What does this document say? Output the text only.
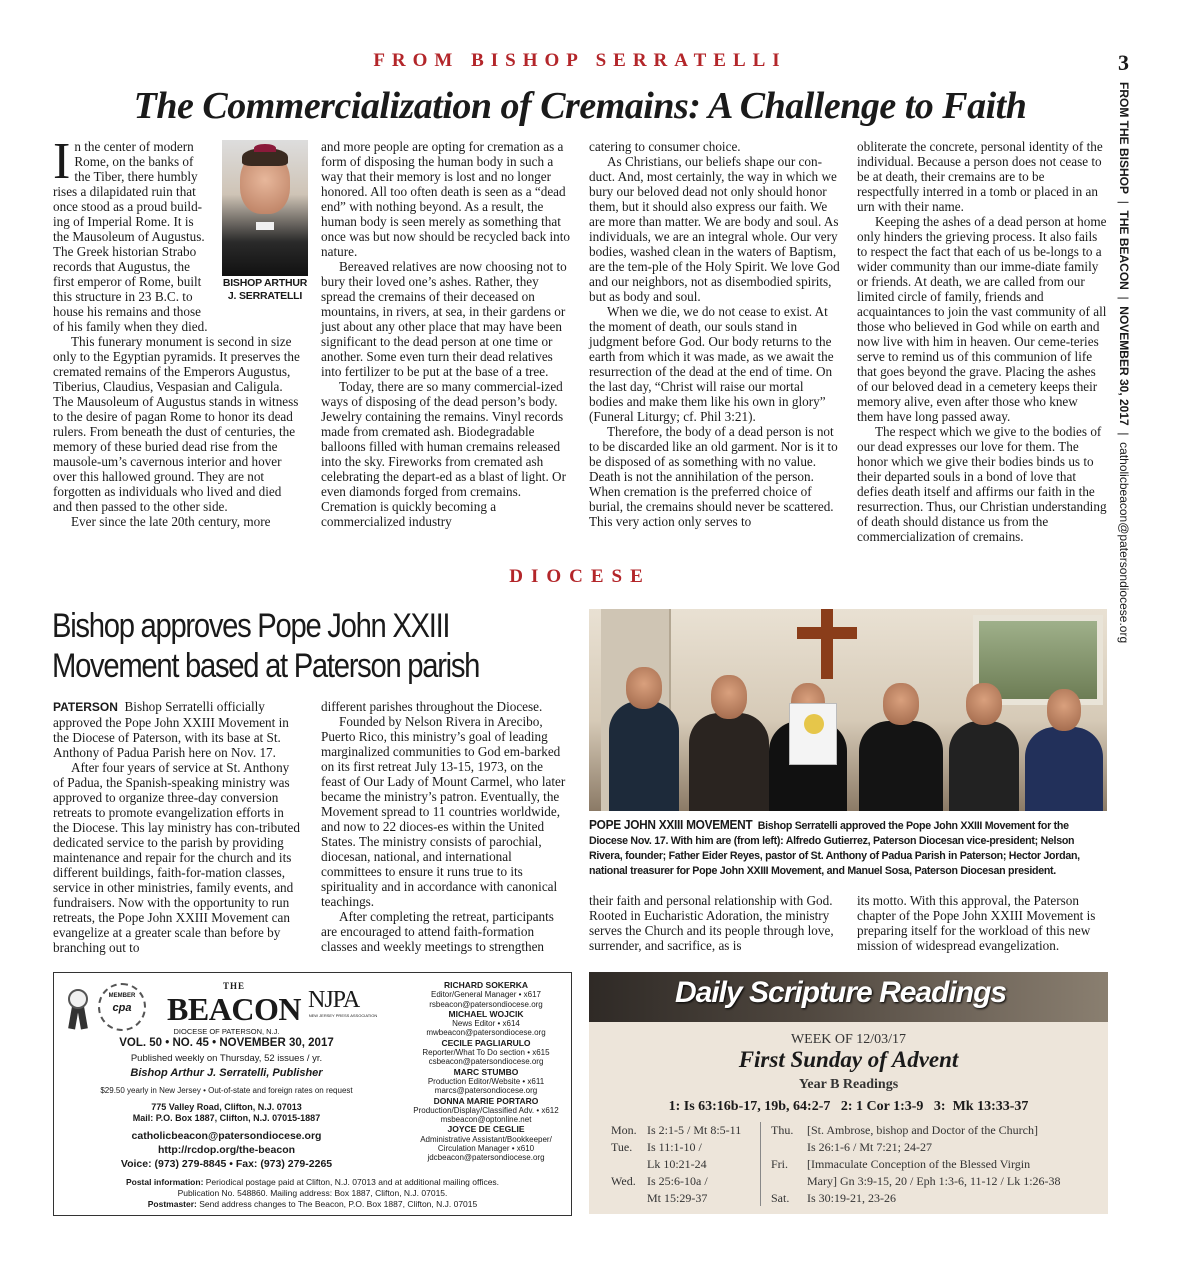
FROM BISHOP SERRATELLI	3
FROM THE BISHOP  |  THE BEACON  |  NOVEMBER 30, 2017  |  catholicbeacon@patersondiocese.org
The Commercialization of Cremains: A Challenge to Faith

In the center of modern
Rome, on the banks of
the Tiber, there humbly
rises a dilapidated ruin that
once stood as a proud build-
ing of Imperial Rome. It is
the Mausoleum of Augustus.
The Greek historian Strabo
records that Augustus, the
first emperor of Rome, built
this structure in 23 B.C. to
house his remains and those
of his family when they died.

This funerary monument is second in size only to the Egyptian pyramids. It preserves the cremated remains of the Emperors Augustus, Tiberius, Claudius, Vespasian and Caligula. The Mausoleum of Augustus stands in witness to the desire of pagan Rome to honor its dead rulers. From beneath the dust of centuries, the memory of these buried dead rise from the mausole-um’s cavernous interior and hover over this hallowed ground. They are not forgotten as individuals who lived and died and then passed to the other side.

Ever since the late 20th century, more

BISHOP ARTHUR
J. SERRATELLI

and more people are opting for cremation as a form of disposing the human body in such a way that their memory is lost and no longer honored. All too often death is seen as a “dead end” with nothing beyond. As a result, the human body is seen merely as something that once was but now should be recycled back into nature.

Bereaved relatives are now choosing not to bury their loved one’s ashes. Rather, they spread the cremains of their deceased on mountains, in rivers, at sea, in their gardens or just about any other place that may have been significant to the dead person at one time or another. Some even turn their dead relatives into fertilizer to be put at the base of a tree.

Today, there are so many commercial-ized ways of disposing of the dead person’s body. Jewelry containing the remains. Vinyl records made from cremated ash. Biodegradable balloons filled with human cremains released into the sky. Fireworks from cremated ash celebrating the depart-ed as a blast of light. Or even diamonds forged from cremains. Cremation is quickly becoming a commercialized industry

catering to consumer choice.

As Christians, our beliefs shape our con-duct. And, most certainly, the way in which we bury our beloved dead not only should honor them, but it should also express our faith. We are more than matter. We are body and soul. As individuals, we are an integral whole. Our very bodies, washed clean in the waters of Baptism, are the tem-ple of the Holy Spirit. We love God and our neighbors, not as disembodied spirits, but as body and soul.

When we die, we do not cease to exist. At the moment of death, our souls stand in judgment before God. Our body returns to the earth from which it was made, as we await the resurrection of the dead at the end of time. On the last day, “Christ will raise our mortal bodies and make them like his own in glory” (Funeral Liturgy; cf. Phil 3:21).

Therefore, the body of a dead person is not to be discarded like an old garment. Nor is it to be disposed of as something with no value. Death is not the annihilation of the person. When cremation is the preferred choice of burial, the cremains should never be scattered. This very action only serves to

obliterate the concrete, personal identity of the individual. Because a person does not cease to be at death, their cremains are to be respectfully interred in a tomb or placed in an urn with their name.

Keeping the ashes of a dead person at home only hinders the grieving process. It also fails to respect the fact that each of us be-longs to a wider community than our imme-diate family or friends. At death, we are called from our limited circle of family, friends and acquaintances to join the vast community of all those who believed in God while on earth and now live with him in heaven. Our ceme-teries serve to remind us of this communion of life that goes beyond the grave. Placing the ashes of our beloved dead in a cemetery keeps their memory alive, even after those who knew them have long passed away.

The respect which we give to the bodies of our dead expresses our love for them. The honor which we give their bodies binds us to their departed souls in a bond of love that defies death itself and affirms our faith in the resurrection. Thus, our Christian understanding of death should distance us from the commercialization of cremains.

DIOCESE
Bishop approves Pope John XXIII
Movement based at Paterson parish

PATERSON Bishop Serratelli officially approved the Pope John XXIII Movement in the Diocese of Paterson, with its base at St. Anthony of Padua Parish here on Nov. 17.

After four years of service at St. Anthony of Padua, the Spanish-speaking ministry was approved to organize three-day conversion retreats to promote evangelization efforts in the Diocese. This lay ministry has con-tributed dedicated service to the parish by providing maintenance and repair for the church and its different buildings, faith-for-mation classes, service in other ministries, family events, and fundraisers. Now with the opportunity to run retreats, the Pope John XXIII Movement can evangelize at a greater scale than before by branching out to

different parishes throughout the Diocese.

Founded by Nelson Rivera in Arecibo, Puerto Rico, this ministry’s goal of leading marginalized communities to God em-barked on its first retreat July 13-15, 1973, on the feast of Our Lady of Mount Carmel, who later became the ministry’s patron. Eventually, the Movement spread to 11 countries worldwide, and now to 22 dioces-es within the United States. The ministry consists of parochial, diocesan, national, and international committees to ensure it runs true to its spirituality and in accordance with canonical teachings.

After completing the retreat, participants are encouraged to attend faith-formation classes and weekly meetings to strengthen

POPE JOHN XXIII MOVEMENT Bishop Serratelli approved the Pope John XXIII Movement for the Diocese Nov. 17. With him are (from left): Alfredo Gutierrez, Paterson Diocesan vice-president; Nelson Rivera, founder; Father Eider Reyes, pastor of St. Anthony of Padua Parish in Paterson; Hector Jordan, national treasurer for Pope John XXIII Movement, and Manuel Sosa, Paterson Diocesan president.

their faith and personal relationship with God. Rooted in Eucharistic Adoration, the ministry serves the Church and its people through love, surrender, and sacrifice, as is

its motto. With this approval, the Paterson chapter of the Pope John XXIII Movement is preparing itself for the workload of this new mission of widespread evangelization.

MEMBER
cpa
THE
BEACON NJPA
NEW JERSEY PRESS ASSOCIATION
DIOCESE OF PATERSON, N.J.
VOL. 50 • NO. 45 • NOVEMBER 30, 2017
Published weekly on Thursday, 52 issues / yr.
Bishop Arthur J. Serratelli, Publisher
$29.50 yearly in New Jersey • Out-of-state and foreign rates on request
775 Valley Road, Clifton, N.J. 07013
Mail: P.O. Box 1887, Clifton, N.J. 07015-1887
catholicbeacon@patersondiocese.org
http://rcdop.org/the-beacon
Voice: (973) 279-8845 • Fax: (973) 279-2265
RICHARD SOKERKA
Editor/General Manager • x617
rsbeacon@patersondiocese.org
MICHAEL WOJCIK
News Editor • x614
mwbeacon@patersondiocese.org
CECILE PAGLIARULO
Reporter/What To Do section • x615
csbeacon@patersondiocese.org
MARC STUMBO
Production Editor/Website • x611
marcs@patersondiocese.org
DONNA MARIE PORTARO
Production/Display/Classified Adv. • x612
msbeacon@optonline.net
JOYCE DE CEGLIE
Administrative Assistant/Bookkeeper/
Circulation Manager • x610
jdcbeacon@patersondiocese.org
Postal information: Periodical postage paid at Clifton, N.J. 07013 and at additional mailing offices.
Publication No. 548860. Mailing address: Box 1887, Clifton, N.J. 07015.
Postmaster: Send address changes to The Beacon, P.O. Box 1887, Clifton, N.J. 07015
Daily Scripture Readings
WEEK OF 12/03/17
First Sunday of Advent
Year B Readings
1: Is 63:16b-17, 19b, 64:2-7   2: 1 Cor 1:3-9   3:  Mk 13:33-37
Mon. Is 2:1-5 / Mt 8:5-11
Tue. Is 11:1-10 /
Lk 10:21-24
Wed. Is 25:6-10a /
Mt 15:29-37
Thu. [St. Ambrose, bishop and Doctor of the Church]
Is 26:1-6 / Mt 7:21; 24-27
Fri. [Immaculate Conception of the Blessed Virgin
Mary] Gn 3:9-15, 20 / Eph 1:3-6, 11-12 / Lk 1:26-38
Sat. Is 30:19-21, 23-26
